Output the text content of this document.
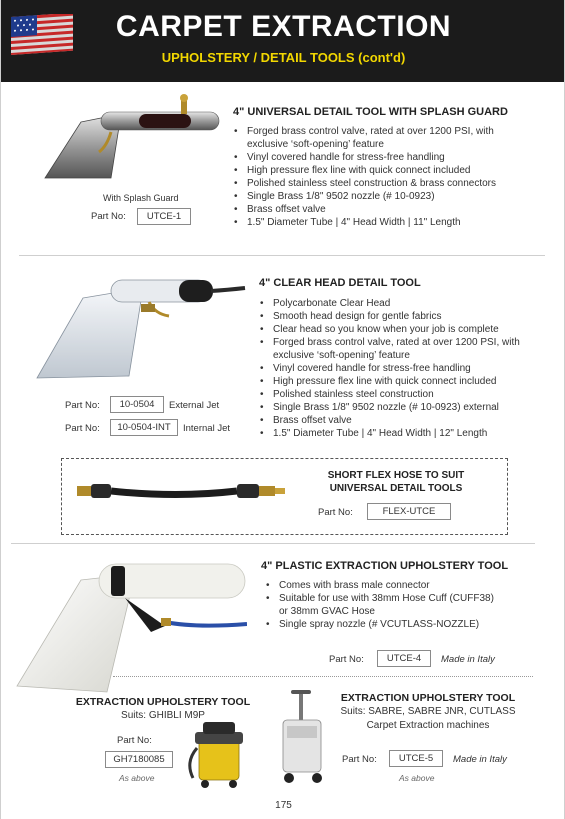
CARPET EXTRACTION
UPHOLSTERY / DETAIL TOOLS (cont'd)
With Splash Guard
Part No:	UTCE-1
4" UNIVERSAL DETAIL TOOL WITH SPLASH GUARD
• Forged brass control valve, rated at over 1200 PSI, with exclusive ‘soft-opening’ feature
• Vinyl covered handle for stress-free handling
• High pressure flex line with quick connect included
• Polished stainless steel construction & brass connectors
• Single Brass 1/8" 9502 nozzle (# 10-0923)
• Brass offset valve
• 1.5" Diameter Tube | 4" Head Width | 11" Length
Part No:	10-0504	External Jet
Part No:	10-0504-INT	Internal Jet
4" CLEAR HEAD DETAIL TOOL
• Polycarbonate Clear Head
• Smooth head design for gentle fabrics
• Clear head so you know when your job is complete
• Forged brass control valve, rated at over 1200 PSI, with exclusive ‘soft-opening’ feature
• Vinyl covered handle for stress-free handling
• High pressure flex line with quick connect included
• Polished stainless steel construction
• Single Brass 1/8" 9502 nozzle (# 10-0923) external
• Brass offset valve
• 1.5" Diameter Tube | 4" Head Width | 12" Length
SHORT FLEX HOSE TO SUIT
UNIVERSAL DETAIL TOOLS
Part No:	FLEX-UTCE
4" PLASTIC EXTRACTION UPHOLSTERY TOOL
• Comes with brass male connector
• Suitable for use with 38mm Hose Cuff (CUFF38) or 38mm GVAC Hose
• Single spray nozzle (# VCUTLASS-NOZZLE)
Part No:	UTCE-4	Made in Italy
EXTRACTION UPHOLSTERY TOOL
Suits: GHIBLI M9P
Part No:
GH7180085
As above
EXTRACTION UPHOLSTERY TOOL
Suits: SABRE, SABRE JNR, CUTLASS
Carpet Extraction machines
Part No:	UTCE-5	Made in Italy
As above
175
